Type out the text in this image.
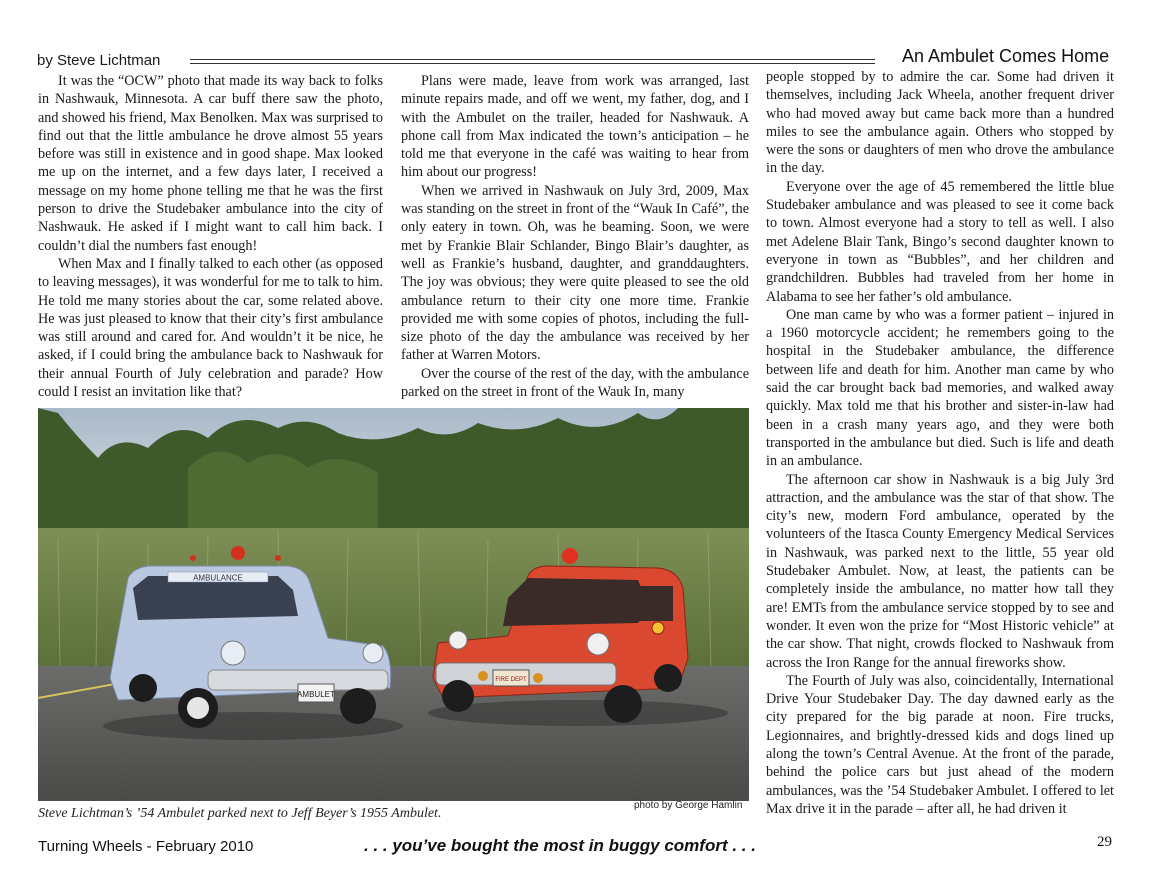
by Steve Lichtman	An Ambulet Comes Home

It was the “OCW” photo that made its way back to folks in Nashwauk, Minnesota. A car buff there saw the photo, and showed his friend, Max Benolken. Max was surprised to find out that the little ambulance he drove almost 55 years before was still in existence and in good shape. Max looked me up on the internet, and a few days later, I received a message on my home phone telling me that he was the first person to drive the Studebaker ambulance into the city of Nashwauk. He asked if I might want to call him back. I couldn’t dial the numbers fast enough!

When Max and I finally talked to each other (as opposed to leaving messages), it was wonderful for me to talk to him. He told me many stories about the car, some related above. He was just pleased to know that their city’s first ambulance was still around and cared for. And wouldn’t it be nice, he asked, if I could bring the ambulance back to Nashwauk for their annual Fourth of July celebration and parade? How could I resist an invitation like that?

Plans were made, leave from work was arranged, last minute repairs made, and off we went, my father, dog, and I with the Ambulet on the trailer, headed for Nashwauk. A phone call from Max indicated the town’s anticipation – he told me that everyone in the café was waiting to hear from him about our progress!

When we arrived in Nashwauk on July 3rd, 2009, Max was standing on the street in front of the “Wauk In Café”, the only eatery in town. Oh, was he beaming. Soon, we were met by Frankie Blair Schlander, Bingo Blair’s daughter, as well as Frankie’s husband, daughter, and granddaughters. The joy was obvious; they were quite pleased to see the old ambulance return to their city one more time. Frankie provided me with some copies of photos, including the full-size photo of the day the ambulance was received by her father at Warren Motors.

Over the course of the rest of the day, with the ambulance parked on the street in front of the Wauk In, many

people stopped by to admire the car. Some had driven it themselves, including Jack Wheela, another frequent driver who had moved away but came back more than a hundred miles to see the ambulance again. Others who stopped by were the sons or daughters of men who drove the ambulance in the day.

Everyone over the age of 45 remembered the little blue Studebaker ambulance and was pleased to see it come back to town. Almost everyone had a story to tell as well. I also met Adelene Blair Tank, Bingo’s second daughter known to everyone in town as “Bubbles”, and her children and grandchildren. Bubbles had traveled from her home in Alabama to see her father’s old ambulance.

One man came by who was a former patient – injured in a 1960 motorcycle accident; he remembers going to the hospital in the Studebaker ambulance, the difference between life and death for him. Another man came by who said the car brought back bad memories, and walked away quickly. Max told me that his brother and sister-in-law had been in a crash many years ago, and they were both transported in the ambulance but died. Such is life and death in an ambulance.

The afternoon car show in Nashwauk is a big July 3rd attraction, and the ambulance was the star of that show. The city’s new, modern Ford ambulance, operated by the volunteers of the Itasca County Emergency Medical Services in Nashwauk, was parked next to the little, 55 year old Studebaker Ambulet. Now, at least, the patients can be completely inside the ambulance, no matter how tall they are! EMTs from the ambulance service stopped by to see and wonder. It even won the prize for “Most Historic vehicle” at the car show. That night, crowds flocked to Nashwauk from across the Iron Range for the annual fireworks show.

The Fourth of July was also, coincidentally, International Drive Your Studebaker Day. The day dawned early as the city prepared for the big parade at noon. Fire trucks, Legionnaires, and brightly-dressed kids and dogs lined up along the town’s Central Avenue. At the front of the parade, behind the police cars but just ahead of the modern ambulances, was the ’54 Studebaker Ambulet. I offered to let Max drive it in the parade – after all, he had driven it

AMBULANCE
AMBULET
FIRE DEPT
photo by George Hamlin
Steve Lichtman’s ’54 Ambulet parked next to Jeff Beyer’s 1955 Ambulet.
Turning Wheels - February 2010	. . . you’ve bought the most in buggy comfort . . .	29
